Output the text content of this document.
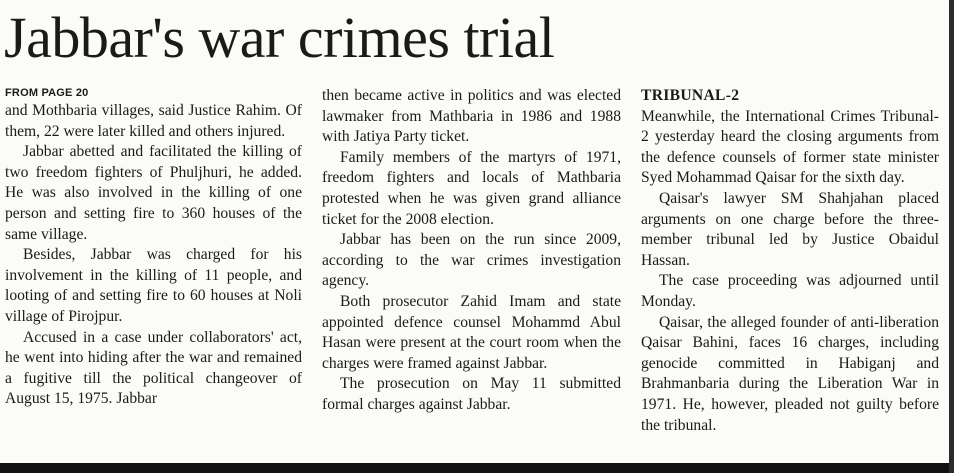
Jabbar's war crimes trial
FROM PAGE 20

and Mothbaria villages, said Justice Rahim. Of them, 22 were later killed and others injured.

Jabbar abetted and facilitated the killing of two freedom fighters of Phuljhuri, he added. He was also involved in the killing of one person and setting fire to 360 houses of the same village.

Besides, Jabbar was charged for his involvement in the killing of 11 people, and looting of and setting fire to 60 houses at Noli village of Pirojpur.

Accused in a case under collaborators' act, he went into hiding after the war and remained a fugitive till the political changeover of August 15, 1975. Jabbar

then became active in politics and was elected lawmaker from Mathbaria in 1986 and 1988 with Jatiya Party ticket.

Family members of the martyrs of 1971, freedom fighters and locals of Mathbaria protested when he was given grand alliance ticket for the 2008 election.

Jabbar has been on the run since 2009, according to the war crimes investigation agency.

Both prosecutor Zahid Imam and state appointed defence counsel Mohammd Abul Hasan were present at the court room when the charges were framed against Jabbar.

The prosecution on May 11 submitted formal charges against Jabbar.

TRIBUNAL-2

Meanwhile, the International Crimes Tribunal-2 yesterday heard the closing arguments from the defence counsels of former state minister Syed Mohammad Qaisar for the sixth day.

Qaisar's lawyer SM Shahjahan placed arguments on one charge before the three-member tribunal led by Justice Obaidul Hassan.

The case proceeding was adjourned until Monday.

Qaisar, the alleged founder of anti-liberation Qaisar Bahini, faces 16 charges, including genocide committed in Habiganj and Brahmanbaria during the Liberation War in 1971. He, however, pleaded not guilty before the tribunal.
